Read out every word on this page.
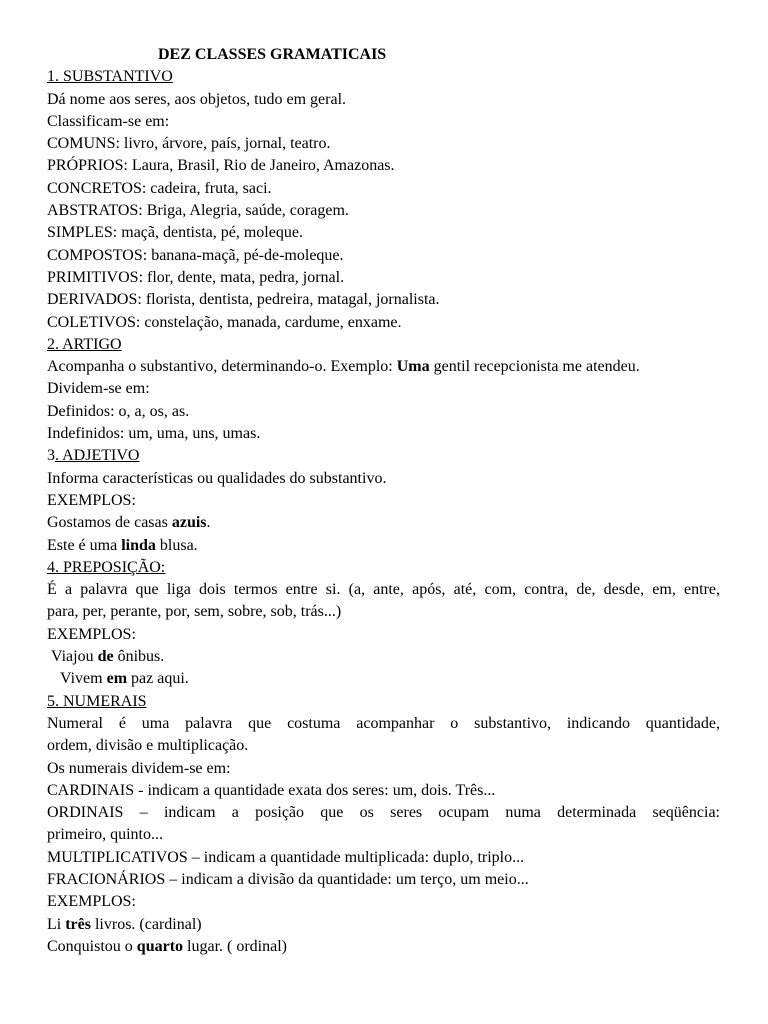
DEZ CLASSES GRAMATICAIS
1. SUBSTANTIVO
Dá nome aos seres, aos objetos, tudo em geral.
Classificam-se em:
COMUNS: livro, árvore, país, jornal, teatro.
PRÓPRIOS: Laura, Brasil, Rio de Janeiro, Amazonas.
CONCRETOS: cadeira, fruta, saci.
ABSTRATOS: Briga, Alegria, saúde, coragem.
SIMPLES: maçã, dentista, pé, moleque.
COMPOSTOS: banana-maçã, pé-de-moleque.
PRIMITIVOS: flor, dente, mata, pedra, jornal.
DERIVADOS: florista, dentista, pedreira, matagal, jornalista.
COLETIVOS: constelação, manada, cardume, enxame.
2. ARTIGO
Acompanha o substantivo, determinando-o. Exemplo: Uma gentil recepcionista me atendeu.
Dividem-se em:
Definidos: o, a, os, as.
Indefinidos: um, uma, uns, umas.
3. ADJETIVO
Informa características ou qualidades do substantivo.
EXEMPLOS:
Gostamos de casas azuis.
Este é uma linda blusa.
4. PREPOSIÇÃO:
É a palavra que liga dois termos entre si. (a, ante, após, até, com, contra, de, desde, em, entre,
para, per, perante, por, sem, sobre, sob, trás...)
EXEMPLOS:
Viajou de ônibus.
Vivem em paz aqui.
5. NUMERAIS
Numeral é uma palavra que costuma acompanhar o substantivo, indicando quantidade,
ordem, divisão e multiplicação.
Os numerais dividem-se em:
CARDINAIS - indicam a quantidade exata dos seres: um, dois. Três...
ORDINAIS – indicam a posição que os seres ocupam numa determinada seqüência:
primeiro, quinto...
MULTIPLICATIVOS – indicam a quantidade multiplicada: duplo, triplo...
FRACIONÁRIOS – indicam a divisão da quantidade: um terço, um meio...
EXEMPLOS:
Li três livros. (cardinal)
Conquistou o quarto lugar. ( ordinal)
